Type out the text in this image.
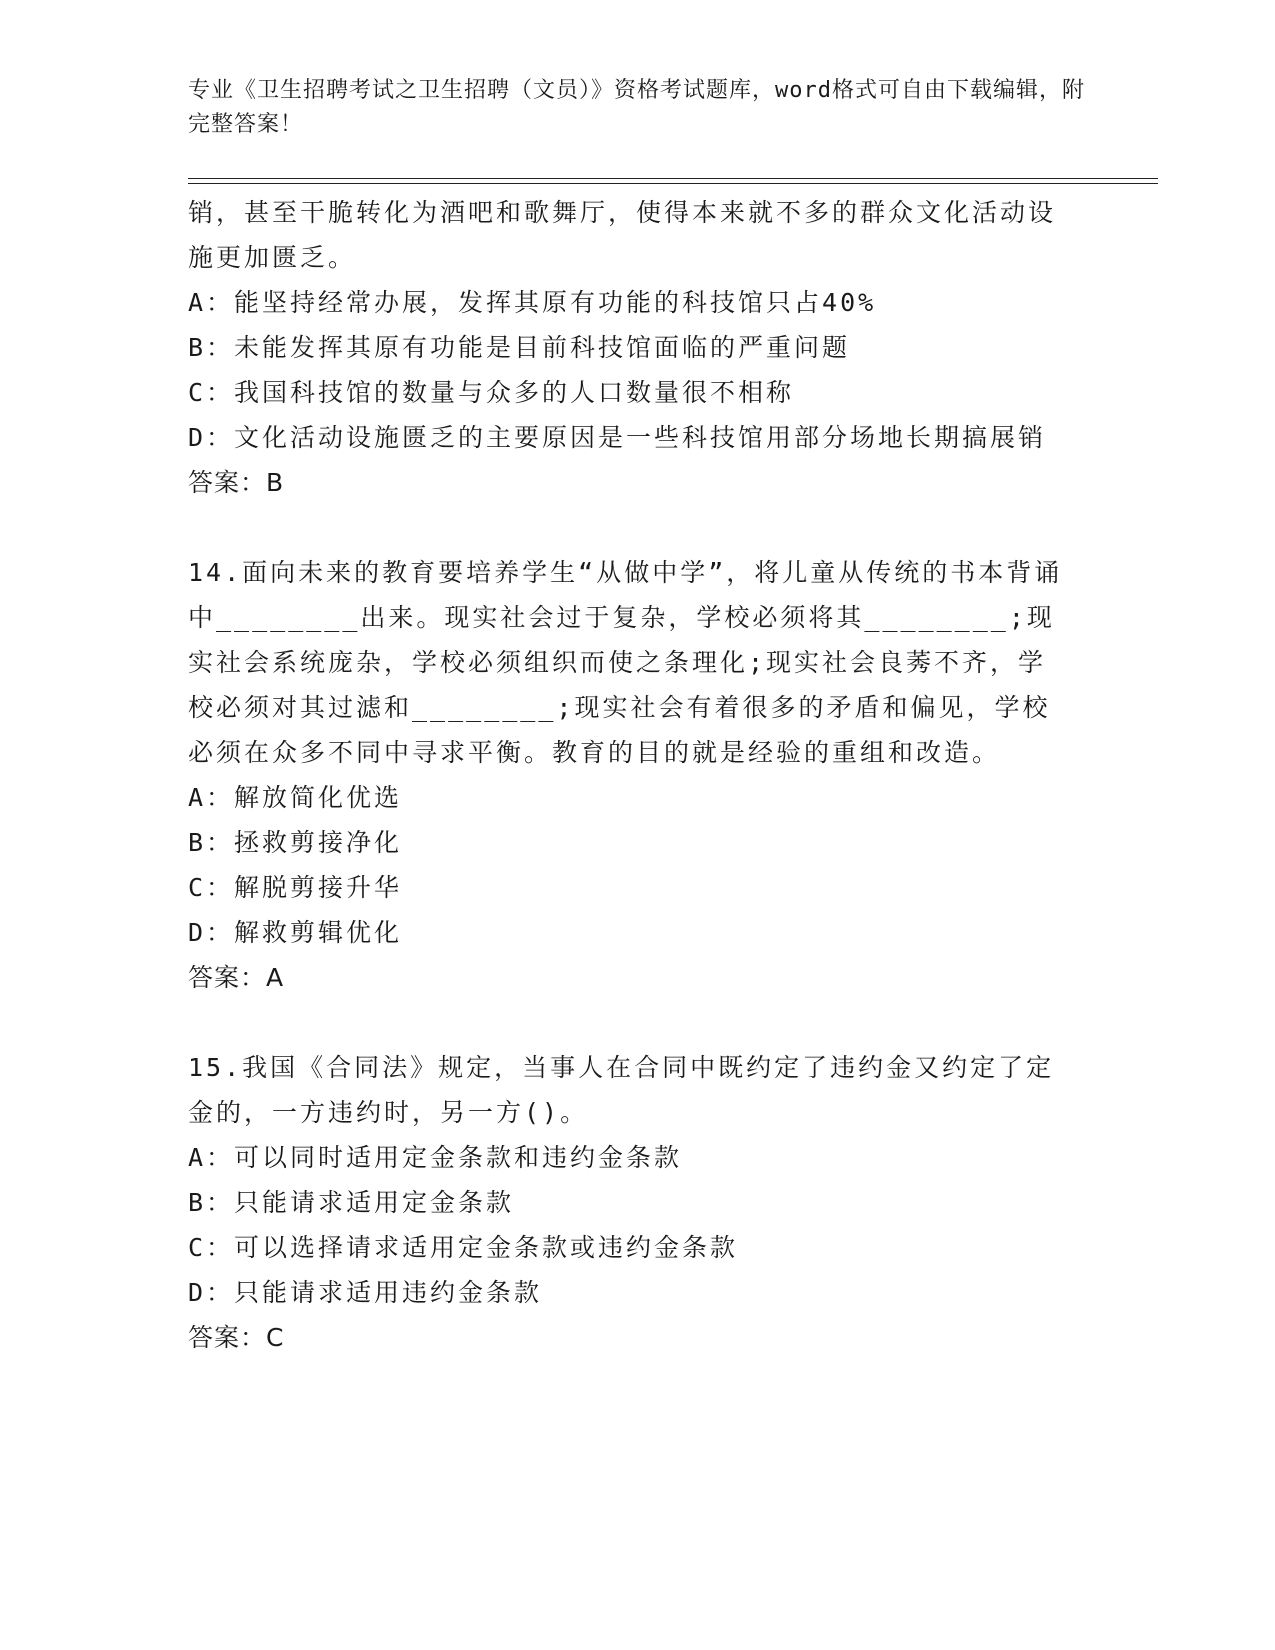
专业《卫生招聘考试之卫生招聘（文员）》资格考试题库，word格式可自由下载编辑，附完整答案！

销，甚至干脆转化为酒吧和歌舞厅，使得本来就不多的群众文化活动设施更加匮乏。

A：能坚持经常办展，发挥其原有功能的科技馆只占40%

B：未能发挥其原有功能是目前科技馆面临的严重问题

C：我国科技馆的数量与众多的人口数量很不相称

D：文化活动设施匮乏的主要原因是一些科技馆用部分场地长期搞展销

答案：B

14.面向未来的教育要培养学生“从做中学”，将儿童从传统的书本背诵中________出来。现实社会过于复杂，学校必须将其________;现实社会系统庞杂，学校必须组织而使之条理化;现实社会良莠不齐，学校必须对其过滤和________;现实社会有着很多的矛盾和偏见，学校必须在众多不同中寻求平衡。教育的目的就是经验的重组和改造。

A：解放简化优选

B：拯救剪接净化

C：解脱剪接升华

D：解救剪辑优化

答案：A

15.我国《合同法》规定，当事人在合同中既约定了违约金又约定了定金的，一方违约时，另一方()。

A：可以同时适用定金条款和违约金条款

B：只能请求适用定金条款

C：可以选择请求适用定金条款或违约金条款

D：只能请求适用违约金条款

答案：C
